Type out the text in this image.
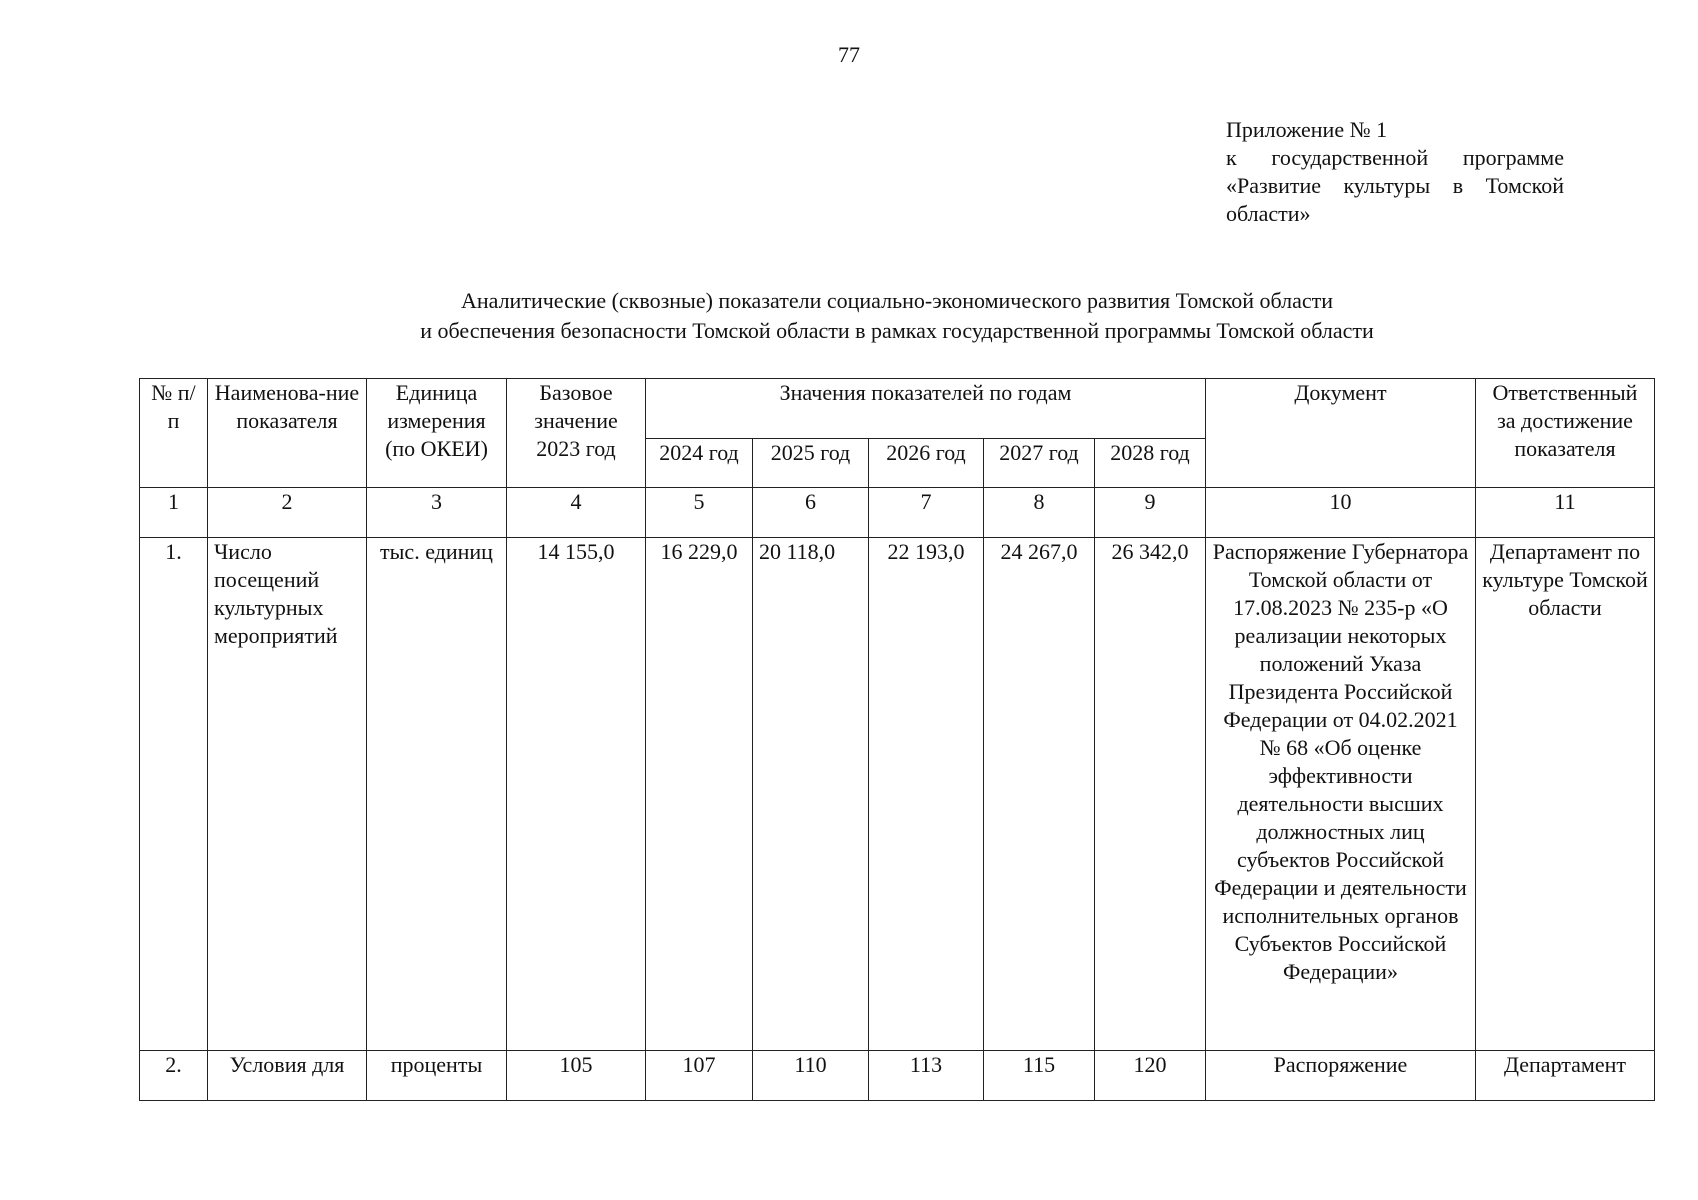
77
Приложение № 1
к государственной программе
«Развитие культуры в Томской
области»
Аналитические (сквозные) показатели социально-экономического развития Томской области
и обеспечения безопасности Томской области в рамках государственной программы Томской области
№ п/п	Наименова-ние показателя	Единица измерения (по ОКЕИ)	Базовое значение 2023 год	Значения показателей по годам					Документ	Ответственный за достижение показателя
				2024 год	2025 год	2026 год	2027 год	2028 год		
1	2	3	4	5	6	7	8	9	10	11
1.	Число посещений культурных мероприятий	тыс. единиц	14 155,0	16 229,0	20 118,0	22 193,0	24 267,0	26 342,0	Распоряжение Губернатора Томской области от 17.08.2023 № 235-р «О реализации некоторых положений Указа Президента Российской Федерации от 04.02.2021 № 68 «Об оценке эффективности деятельности высших должностных лиц субъектов Российской Федерации и деятельности исполнительных органов Субъектов Российской Федерации»	Департамент по культуре Томской области
2.	Условия для	проценты	105	107	110	113	115	120	Распоряжение	Департамент
